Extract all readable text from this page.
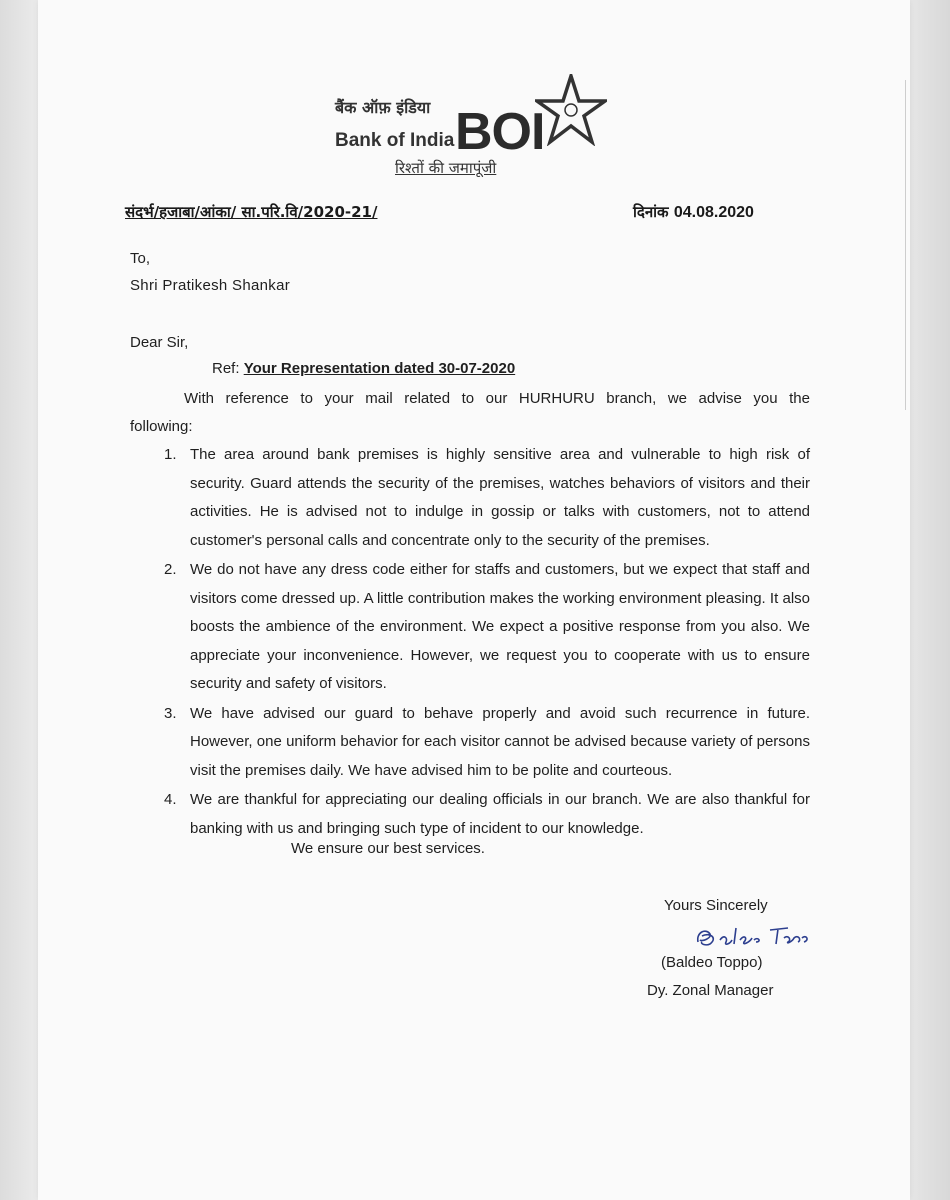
बैंक ऑफ़ इंडिया
Bank of India BOI
रिश्तों की जमापूंजी
संदर्भ/हजाबा/आंका/ सा.परि.वि/2020-21/	दिनांक 04.08.2020
To,
Shri Pratikesh Shankar
Dear Sir,
Ref: Your Representation dated 30-07-2020
With reference to your mail related to our HURHURU branch, we advise you the following:
1. The area around bank premises is highly sensitive area and vulnerable to high risk of security. Guard attends the security of the premises, watches behaviors of visitors and their activities. He is advised not to indulge in gossip or talks with customers, not to attend customer's personal calls and concentrate only to the security of the premises.
2. We do not have any dress code either for staffs and customers, but we expect that staff and visitors come dressed up. A little contribution makes the working environment pleasing. It also boosts the ambience of the environment. We expect a positive response from you also. We appreciate your inconvenience. However, we request you to cooperate with us to ensure security and safety of visitors.
3. We have advised our guard to behave properly and avoid such recurrence in future. However, one uniform behavior for each visitor cannot be advised because variety of persons visit the premises daily. We have advised him to be polite and courteous.
4. We are thankful for appreciating our dealing officials in our branch. We are also thankful for banking with us and bringing such type of incident to our knowledge.
We ensure our best services.
Yours Sincerely
(Baldeo Toppo)
Dy. Zonal Manager
